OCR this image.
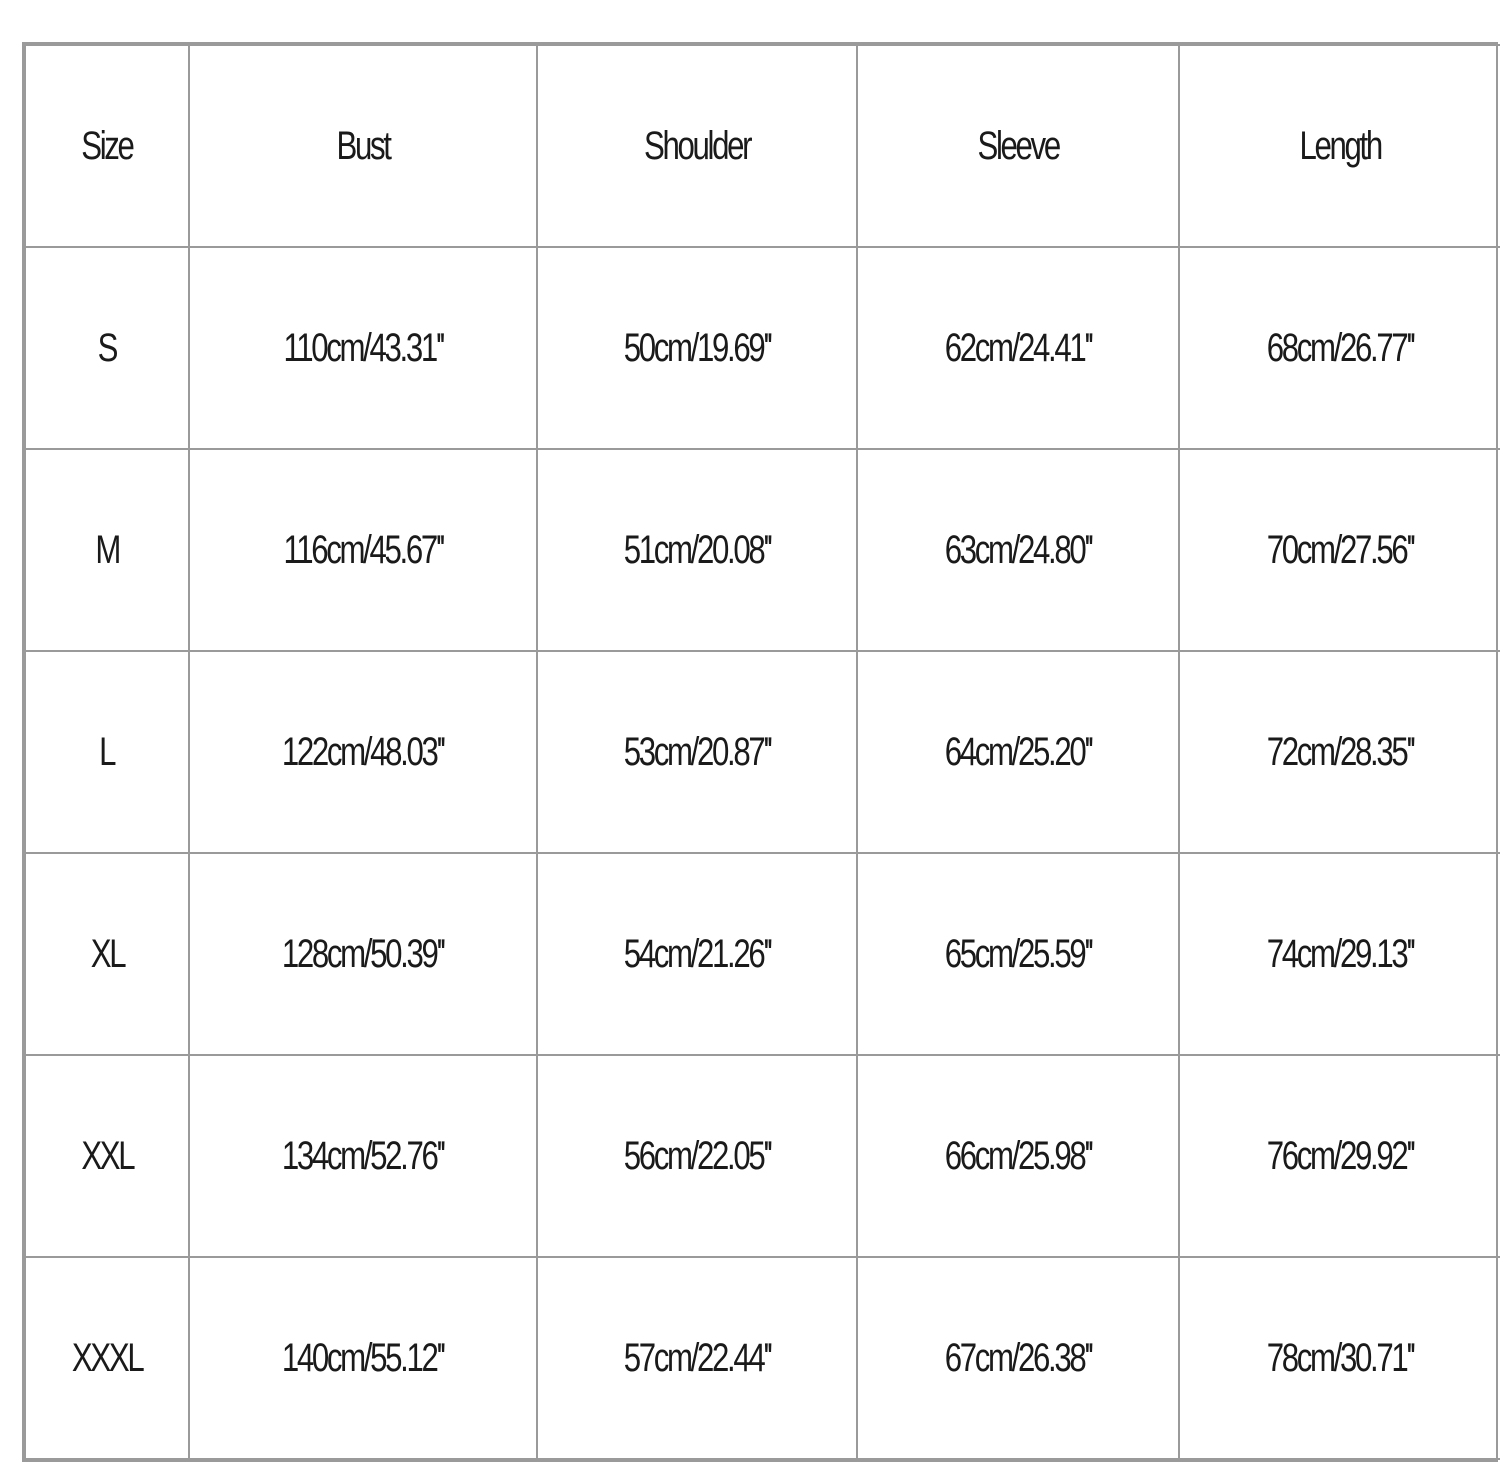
Size	Bust	Shoulder	Sleeve	Length
S	110cm/43.31''	50cm/19.69''	62cm/24.41''	68cm/26.77''
M	116cm/45.67''	51cm/20.08''	63cm/24.80''	70cm/27.56''
L	122cm/48.03''	53cm/20.87''	64cm/25.20''	72cm/28.35''
XL	128cm/50.39''	54cm/21.26''	65cm/25.59''	74cm/29.13''
XXL	134cm/52.76''	56cm/22.05''	66cm/25.98''	76cm/29.92''
XXXL	140cm/55.12''	57cm/22.44''	67cm/26.38''	78cm/30.71''
